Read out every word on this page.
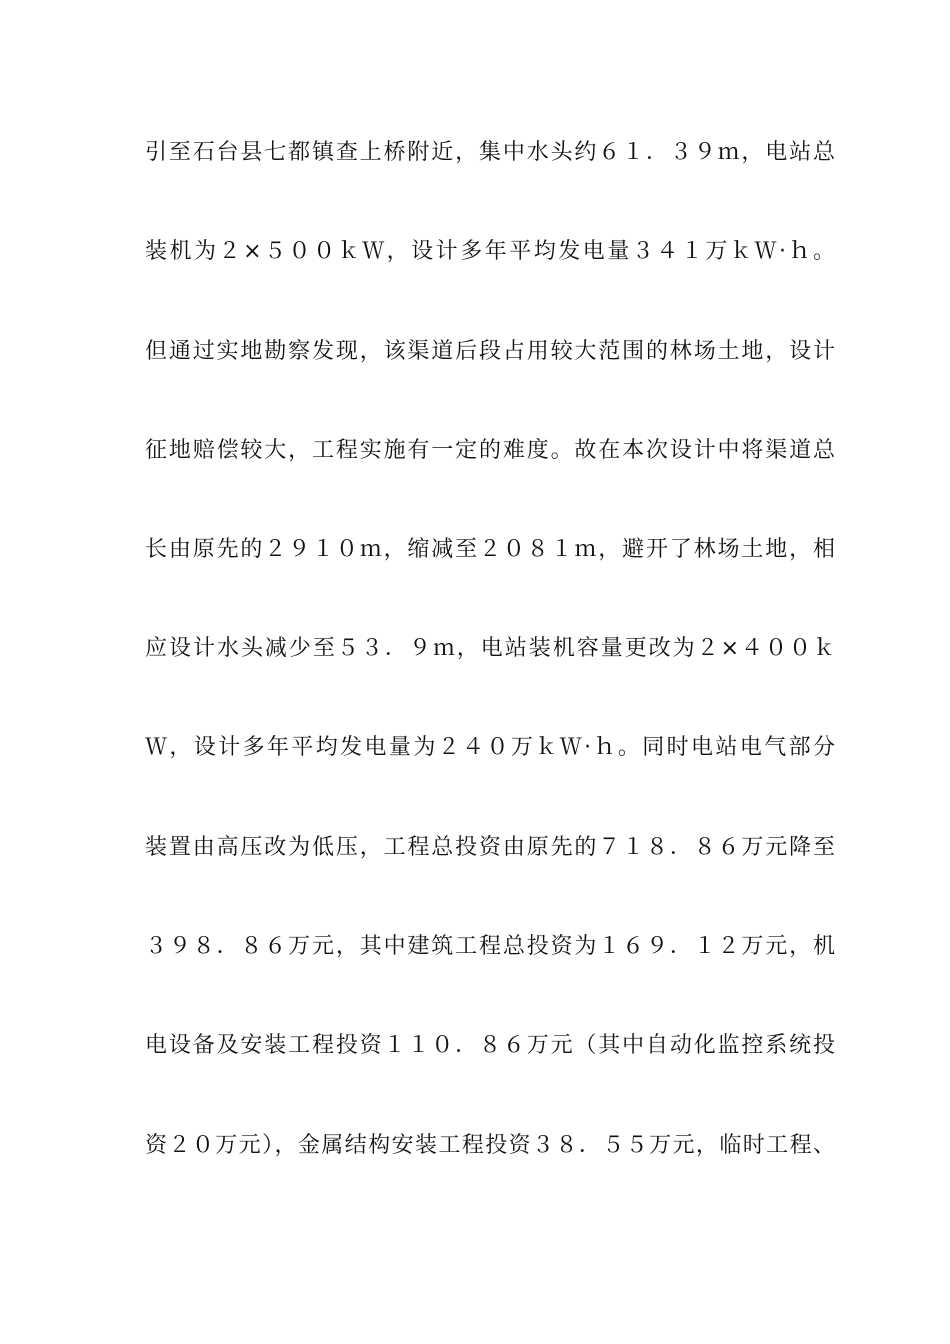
引至石台县七都镇查上桥附近，集中水头约６１．３９ｍ，电站总

装机为２×５００ｋＷ，设计多年平均发电量３４１万ｋＷ·ｈ。

但通过实地勘察发现，该渠道后段占用较大范围的林场土地，设计

征地赔偿较大，工程实施有一定的难度。故在本次设计中将渠道总

长由原先的２９１０ｍ，缩减至２０８１ｍ，避开了林场土地，相

应设计水头减少至５３．９ｍ，电站装机容量更改为２×４００ｋ

Ｗ，设计多年平均发电量为２４０万ｋＷ·ｈ。同时电站电气部分

装置由高压改为低压，工程总投资由原先的７１８．８６万元降至

３９８．８６万元，其中建筑工程总投资为１６９．１２万元，机

电设备及安装工程投资１１０．８６万元（其中自动化监控系统投

资２０万元），金属结构安装工程投资３８．５５万元，临时工程、
